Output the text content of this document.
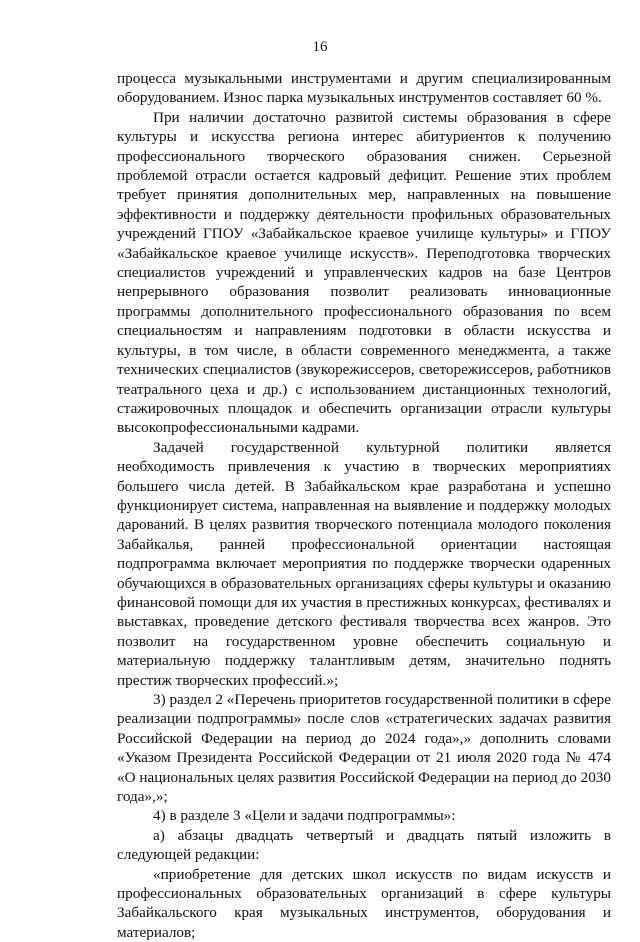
16

процесса музыкальными инструментами и другим специализированным оборудованием. Износ парка музыкальных инструментов составляет 60 %.

При наличии достаточно развитой системы образования в сфере культуры и искусства региона интерес абитуриентов к получению профессионального творческого образования снижен. Серьезной проблемой отрасли остается кадровый дефицит. Решение этих проблем требует принятия дополнительных мер, направленных на повышение эффективности и поддержку деятельности профильных образовательных учреждений ГПОУ «Забайкальское краевое училище культуры» и ГПОУ «Забайкальское краевое училище искусств». Переподготовка творческих специалистов учреждений и управленческих кадров на базе Центров непрерывного образования позволит реализовать инновационные программы дополнительного профессионального образования по всем специальностям и направлениям подготовки в области искусства и культуры, в том числе, в области современного менеджмента, а также технических специалистов (звукорежиссеров, светорежиссеров, работников театрального цеха и др.) с использованием дистанционных технологий, стажировочных площадок и обеспечить организации отрасли культуры высокопрофессиональными кадрами.

Задачей государственной культурной политики является необходимость привлечения к участию в творческих мероприятиях большего числа детей. В Забайкальском крае разработана и успешно функционирует система, направленная на выявление и поддержку молодых дарований. В целях развития творческого потенциала молодого поколения Забайкалья, ранней профессиональной ориентации настоящая подпрограмма включает мероприятия по поддержке творчески одаренных обучающихся в образовательных организациях сферы культуры и оказанию финансовой помощи для их участия в престижных конкурсах, фестивалях и выставках, проведение детского фестиваля творчества всех жанров. Это позволит на государственном уровне обеспечить социальную и материальную поддержку талантливым детям, значительно поднять престиж творческих профессий.»;

3) раздел 2 «Перечень приоритетов государственной политики в сфере реализации подпрограммы» после слов «стратегических задачах развития Российской Федерации на период до 2024 года»,» дополнить словами «Указом Президента Российской Федерации от 21 июля 2020 года № 474 «О национальных целях развития Российской Федерации на период до 2030 года»,»;

4) в разделе 3 «Цели и задачи подпрограммы»:

а) абзацы двадцать четвертый и двадцать пятый изложить в следующей редакции:

«приобретение для детских школ искусств по видам искусств и профессиональных образовательных организаций в сфере культуры Забайкальского края музыкальных инструментов, оборудования и материалов;
